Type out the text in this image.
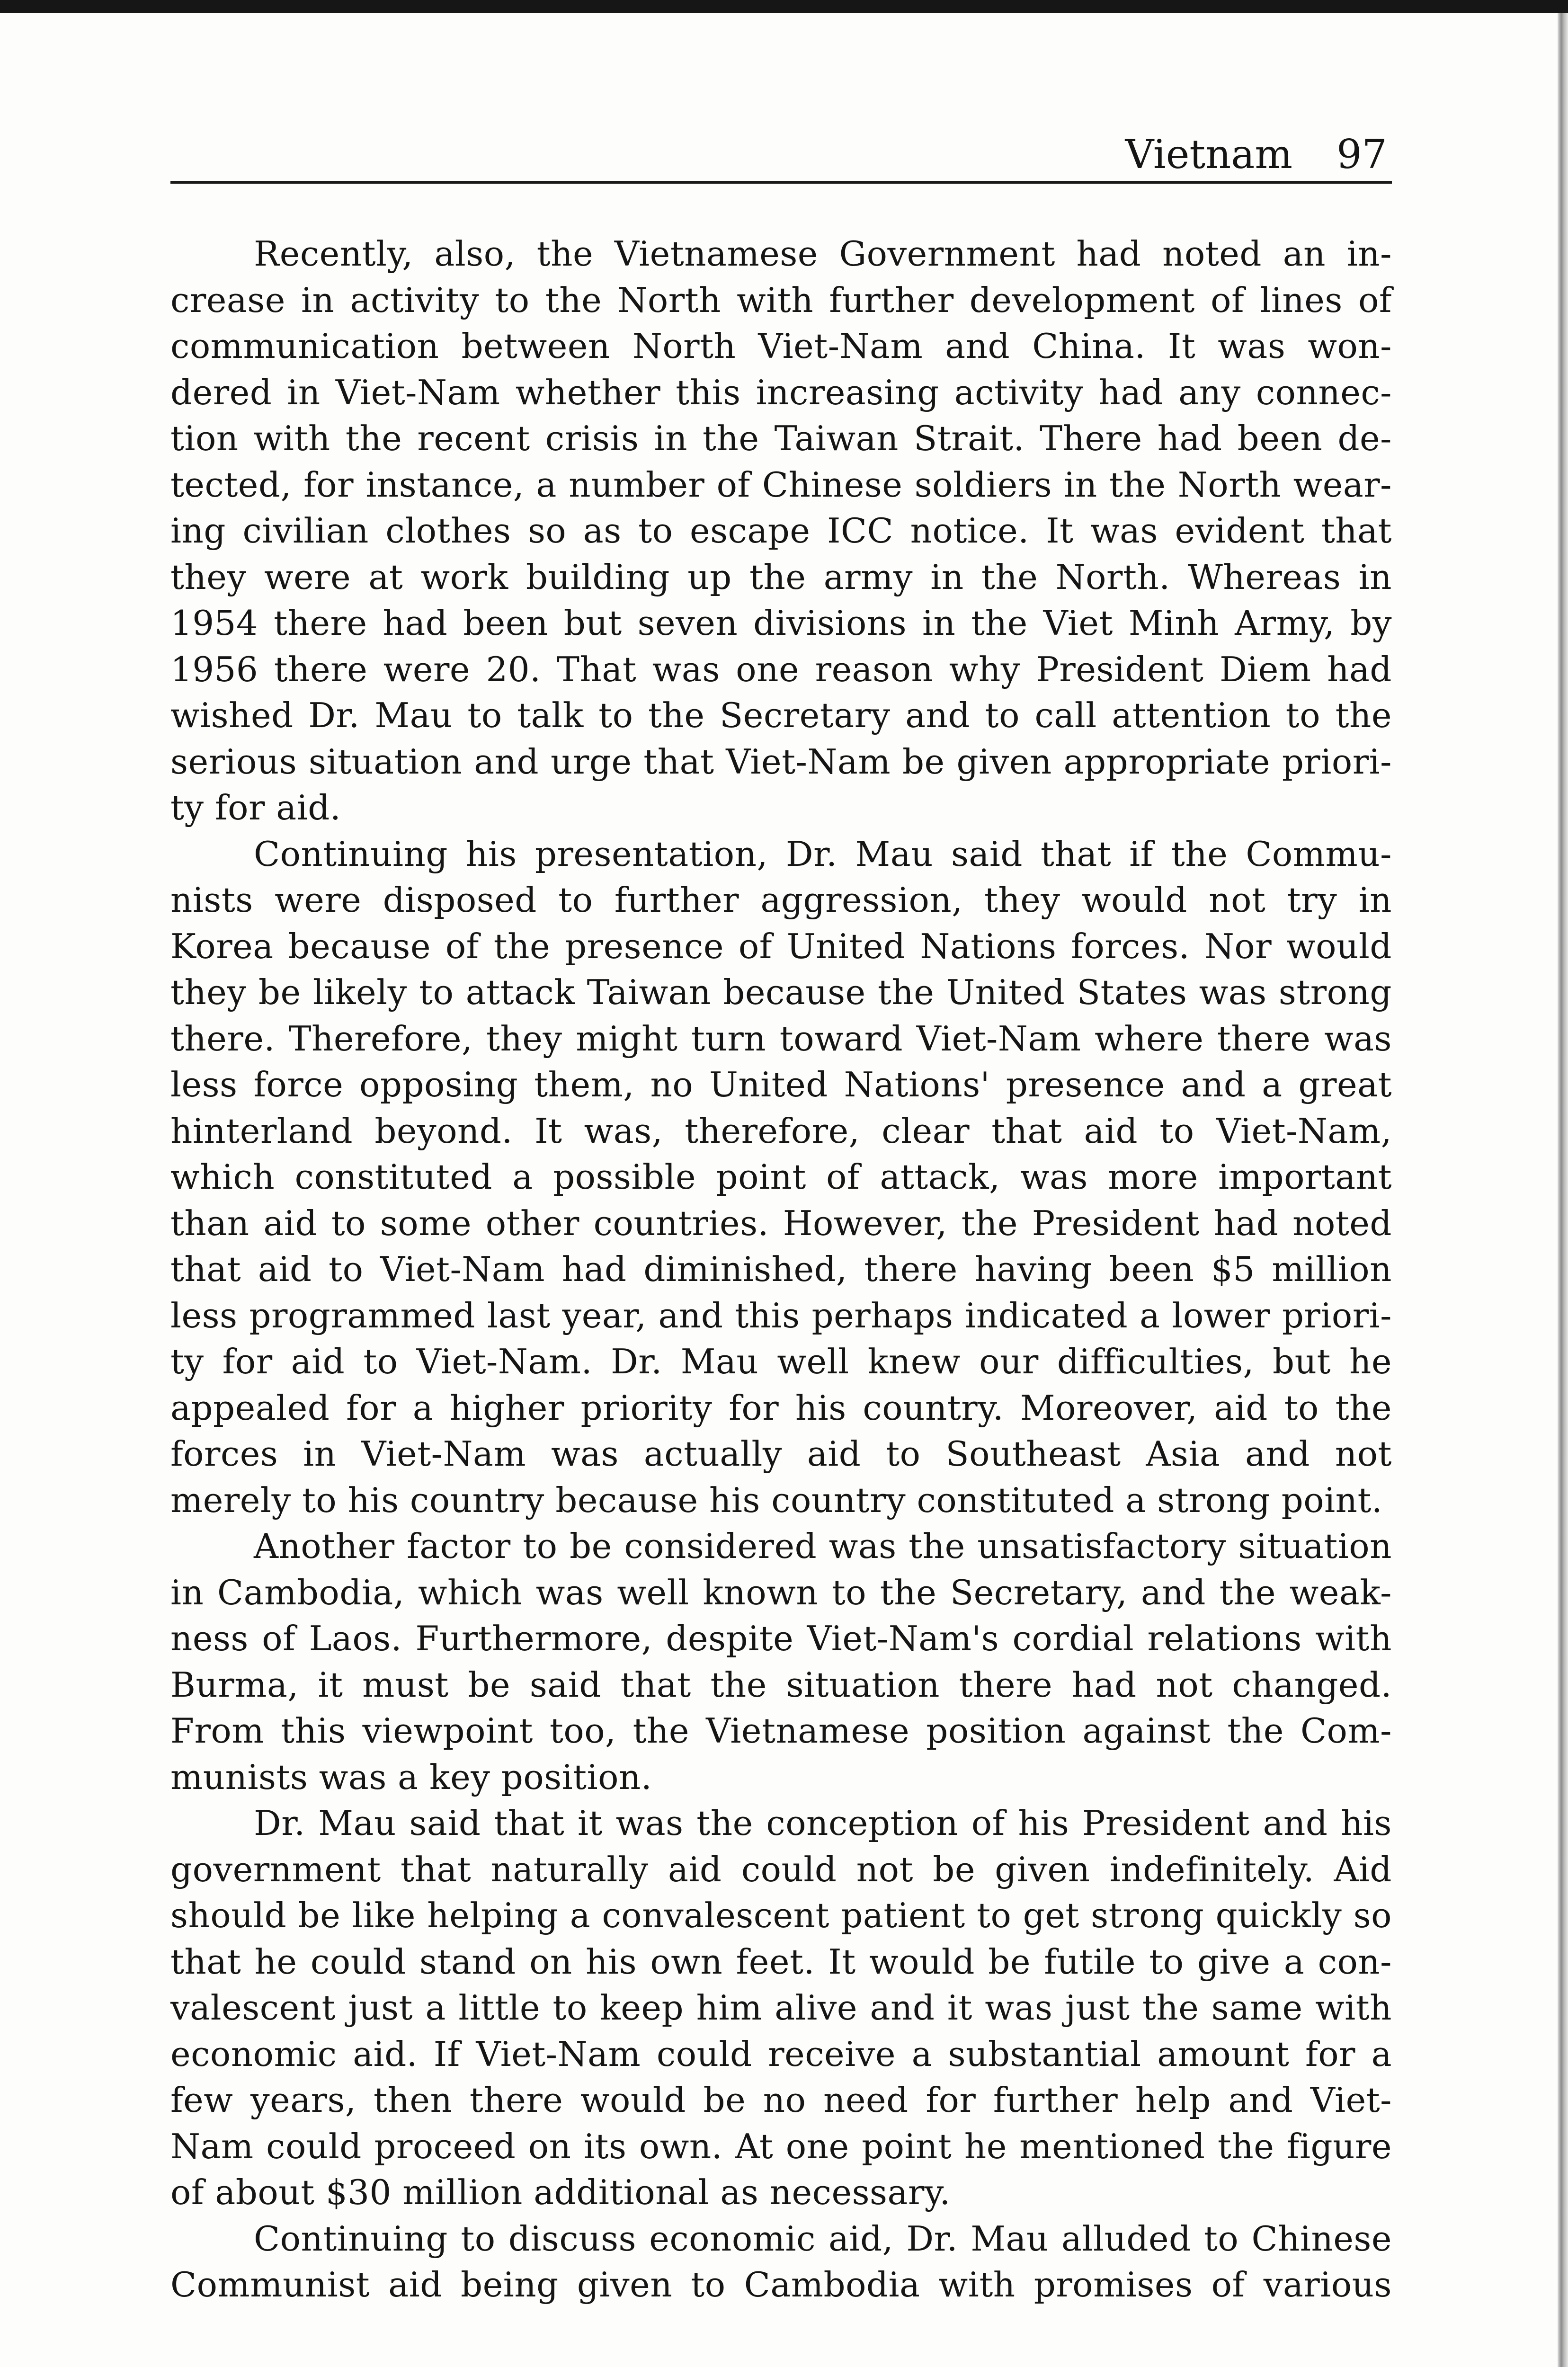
Vietnam 97

Recently, also, the Vietnamese Government had noted an in-
crease in activity to the North with further development of lines of
communication between North Viet-Nam and China. It was won-
dered in Viet-Nam whether this increasing activity had any connec-
tion with the recent crisis in the Taiwan Strait. There had been de-
tected, for instance, a number of Chinese soldiers in the North wear-
ing civilian clothes so as to escape ICC notice. It was evident that
they were at work building up the army in the North. Whereas in
1954 there had been but seven divisions in the Viet Minh Army, by
1956 there were 20. That was one reason why President Diem had
wished Dr. Mau to talk to the Secretary and to call attention to the
serious situation and urge that Viet-Nam be given appropriate priori-
ty for aid.

Continuing his presentation, Dr. Mau said that if the Commu-
nists were disposed to further aggression, they would not try in
Korea because of the presence of United Nations forces. Nor would
they be likely to attack Taiwan because the United States was strong
there. Therefore, they might turn toward Viet-Nam where there was
less force opposing them, no United Nations' presence and a great
hinterland beyond. It was, therefore, clear that aid to Viet-Nam,
which constituted a possible point of attack, was more important
than aid to some other countries. However, the President had noted
that aid to Viet-Nam had diminished, there having been $5 million
less programmed last year, and this perhaps indicated a lower priori-
ty for aid to Viet-Nam. Dr. Mau well knew our difficulties, but he
appealed for a higher priority for his country. Moreover, aid to the
forces in Viet-Nam was actually aid to Southeast Asia and not
merely to his country because his country constituted a strong point.

Another factor to be considered was the unsatisfactory situation
in Cambodia, which was well known to the Secretary, and the weak-
ness of Laos. Furthermore, despite Viet-Nam's cordial relations with
Burma, it must be said that the situation there had not changed.
From this viewpoint too, the Vietnamese position against the Com-
munists was a key position.

Dr. Mau said that it was the conception of his President and his
government that naturally aid could not be given indefinitely. Aid
should be like helping a convalescent patient to get strong quickly so
that he could stand on his own feet. It would be futile to give a con-
valescent just a little to keep him alive and it was just the same with
economic aid. If Viet-Nam could receive a substantial amount for a
few years, then there would be no need for further help and Viet-
Nam could proceed on its own. At one point he mentioned the figure
of about $30 million additional as necessary.

Continuing to discuss economic aid, Dr. Mau alluded to Chinese
Communist aid being given to Cambodia with promises of various
